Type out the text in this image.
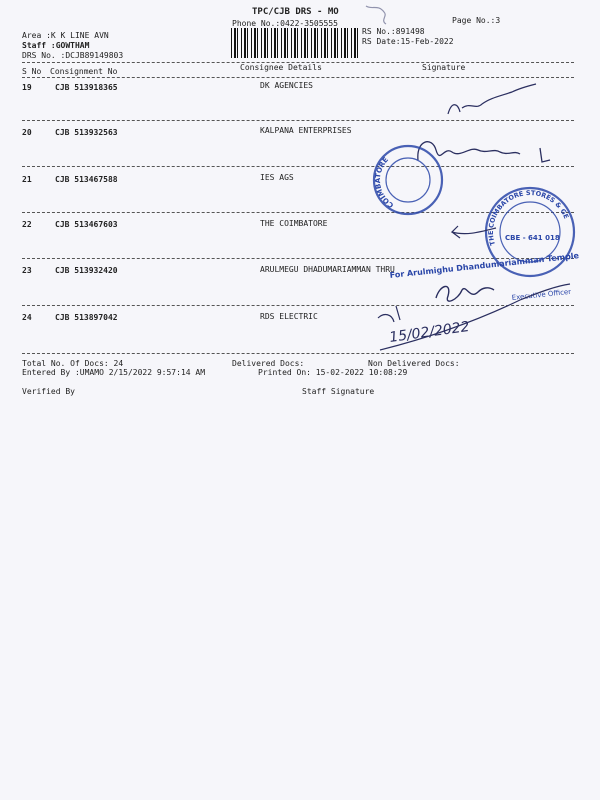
TPC/CJB DRS - MO
Phone No.:0422-3505555	Page No.:3
Area :K K LINE AVN
Staff :GOWTHAM
DRS No. :DCJB89149803
RS No.:891498
RS Date:15-Feb-2022
S No Consignment No	Consignee Details	Signature
19	CJB 513918365	DK AGENCIES
20	CJB 513932563	KALPANA ENTERPRISES
21	CJB 513467588	IES AGS
22	CJB 513467603	THE COIMBATORE
23	CJB 513932420	ARULMEGU DHADUMARIAMMAN THRU
24	CJB 513897042	RDS ELECTRIC
Total No. Of Docs: 24	Delivered Docs:	Non Delivered Docs:
Entered By :UMAMO 2/15/2022 9:57:14 AM	Printed On: 15-02-2022 10:08:29
Verified By	Staff Signature
COIMBATORE
THE COIMBATORE STORES & GENERAL
CBE - 641 018
For Arulmighu Dhandumariamman Temple
Executive Officer
15/02/2022
